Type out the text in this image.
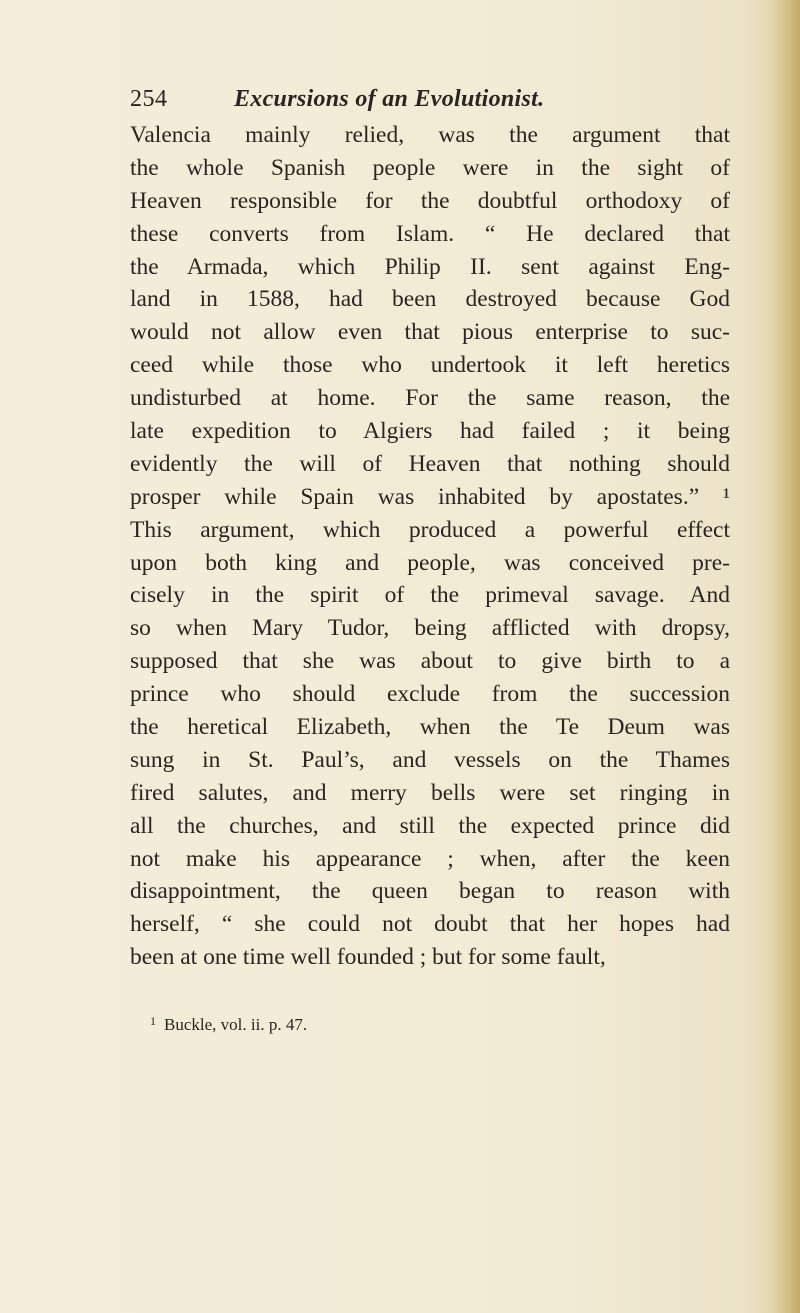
254	Excursions of an Evolutionist.
Valencia mainly relied, was the argument that
the whole Spanish people were in the sight of
Heaven responsible for the doubtful orthodoxy of
these converts from Islam. “ He declared that
the Armada, which Philip II. sent against Eng-
land in 1588, had been destroyed because God
would not allow even that pious enterprise to suc-
ceed while those who undertook it left heretics
undisturbed at home. For the same reason, the
late expedition to Algiers had failed ; it being
evidently the will of Heaven that nothing should
prosper while Spain was inhabited by apostates.” ¹
This argument, which produced a powerful effect
upon both king and people, was conceived pre-
cisely in the spirit of the primeval savage. And
so when Mary Tudor, being afflicted with dropsy,
supposed that she was about to give birth to a
prince who should exclude from the succession
the heretical Elizabeth, when the Te Deum was
sung in St. Paul’s, and vessels on the Thames
fired salutes, and merry bells were set ringing in
all the churches, and still the expected prince did
not make his appearance ; when, after the keen
disappointment, the queen began to reason with
herself, “ she could not doubt that her hopes had
been at one time well founded ; but for some fault,
$^1$ Buckle, vol. ii. p. 47.
